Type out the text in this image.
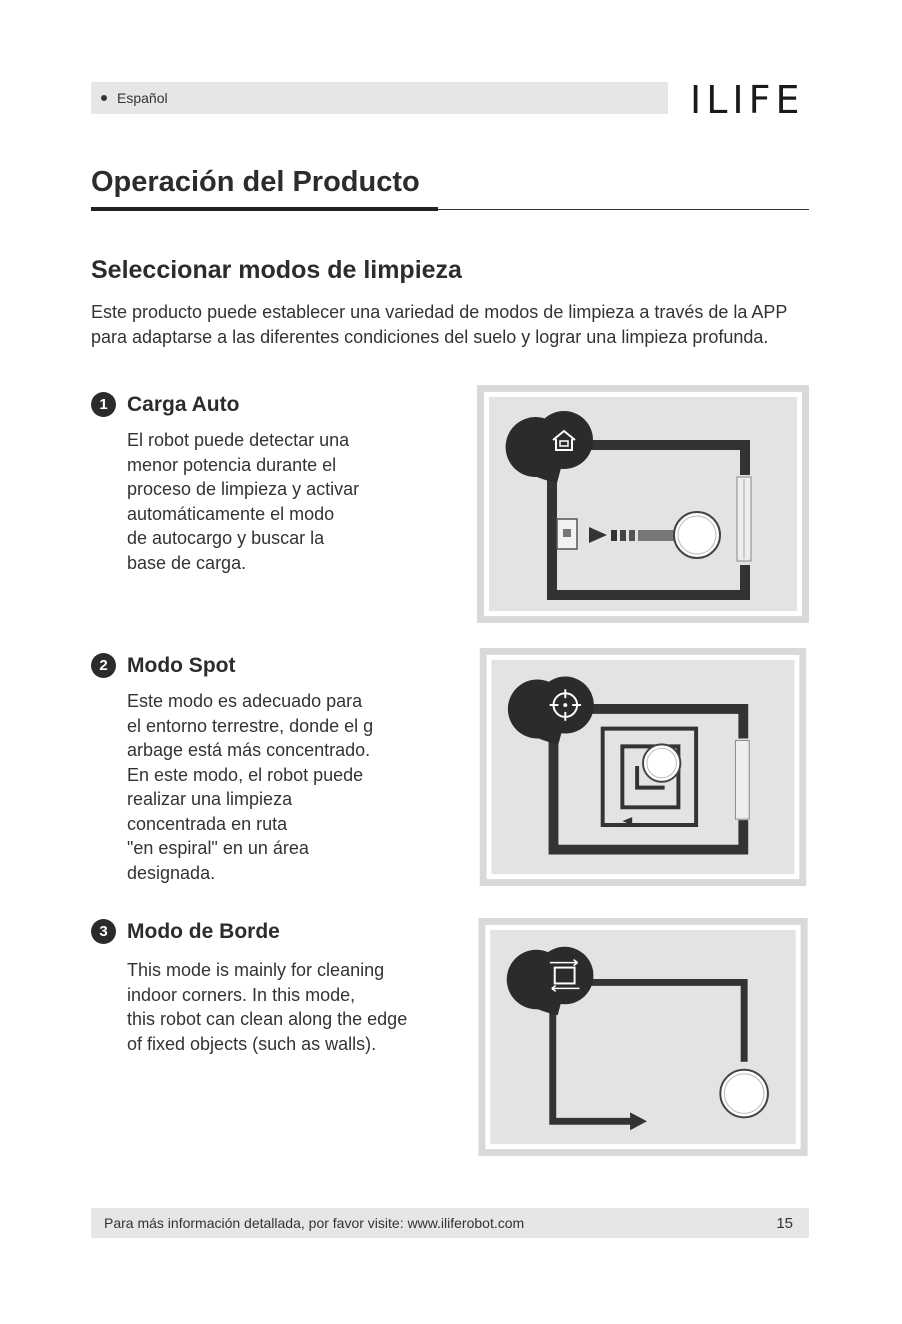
Español	ILIFE
Operación del Producto
Seleccionar modos de limpieza

Este producto puede establecer una variedad de modos de limpieza a través de la APP para adaptarse a las diferentes condiciones del suelo y lograr una limpieza profunda.

1 Carga Auto

El robot puede detectar una
menor potencia durante el
proceso de limpieza y activar
automáticamente el modo
de autocargo y buscar la
base de carga.

2 Modo Spot

Este modo es adecuado para
el entorno terrestre, donde el g
arbage está más concentrado.
En este modo, el robot puede
realizar una limpieza
concentrada en ruta
"en espiral" en un área
designada.

3 Modo de Borde

This mode is mainly for cleaning
indoor corners. In this mode,
this robot can clean along the edge
of fixed objects (such as walls).

Para más información detallada, por favor visite: www.iliferobot.com	15
